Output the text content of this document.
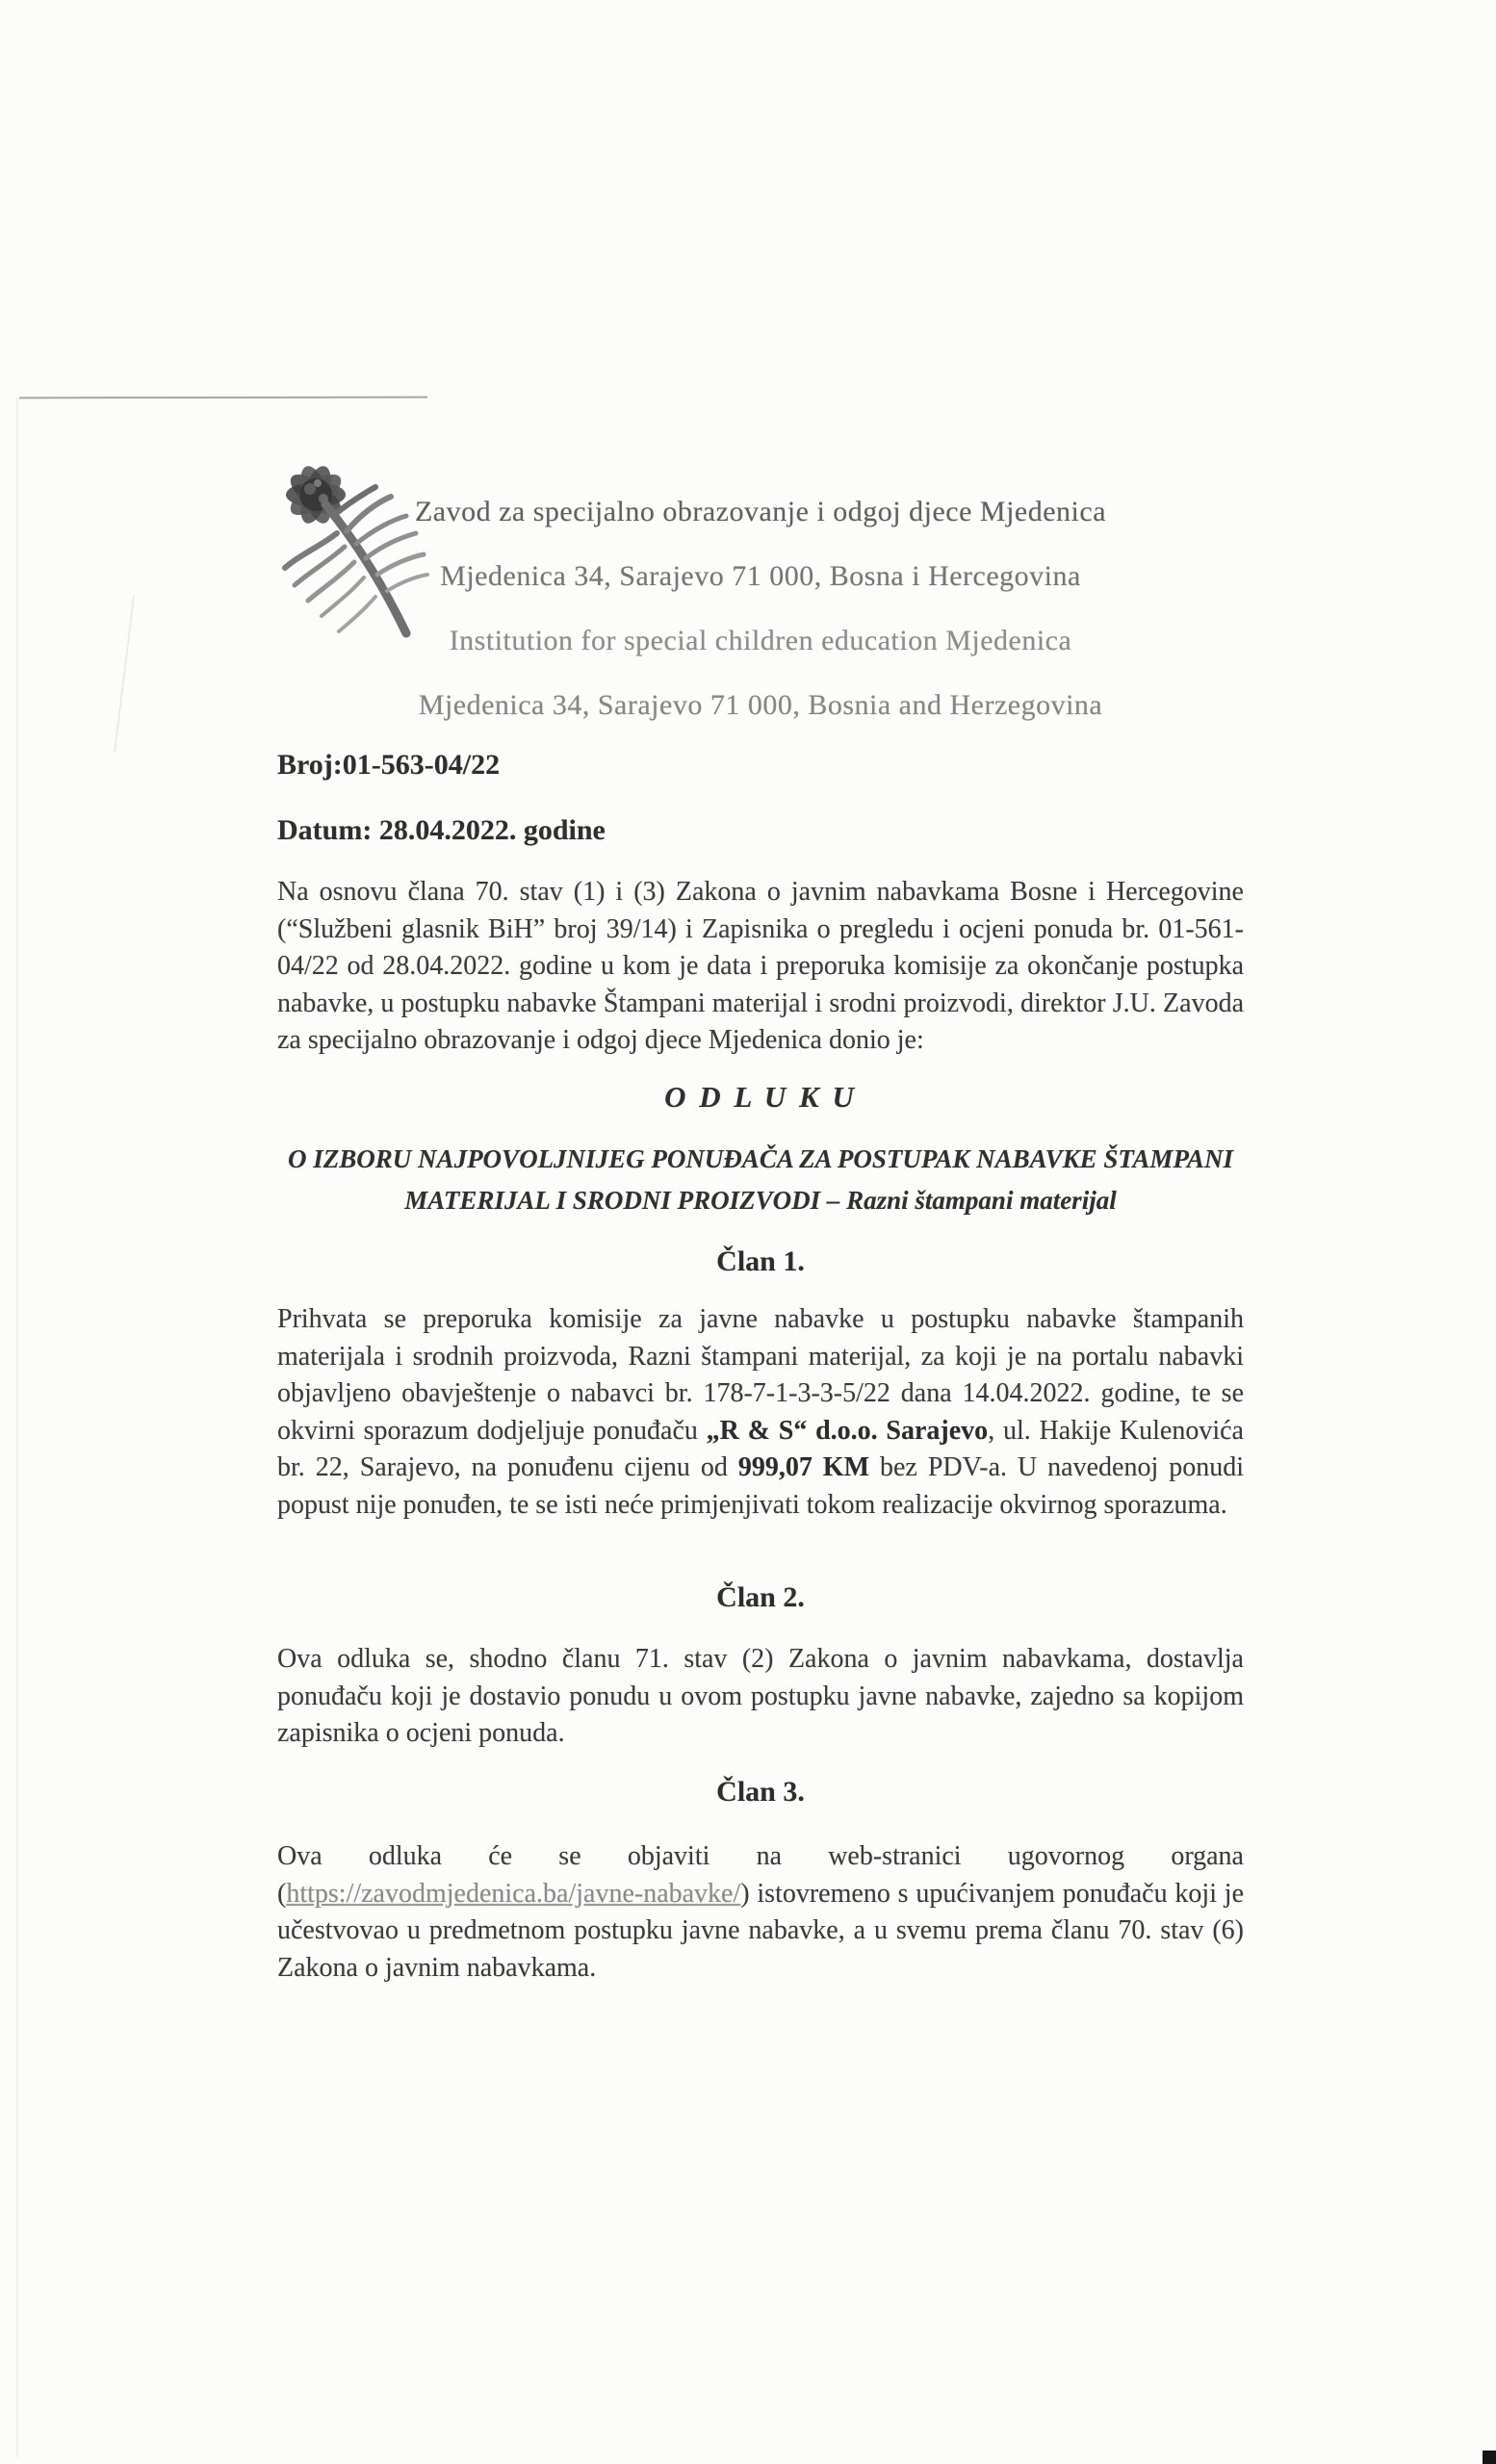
Zavod za specijalno obrazovanje i odgoj djece Mjedenica
Mjedenica 34, Sarajevo 71 000, Bosna i Hercegovina
Institution for special children education Mjedenica
Mjedenica 34, Sarajevo 71 000, Bosnia and Herzegovina
Broj:01-563-04/22
Datum: 28.04.2022. godine

Na osnovu člana 70. stav (1) i (3) Zakona o javnim nabavkama Bosne i Hercegovine (“Službeni glasnik BiH” broj 39/14) i Zapisnika o pregledu i ocjeni ponuda br. 01-561-04/22 od 28.04.2022. godine u kom je data i preporuka komisije za okončanje postupka nabavke, u postupku nabavke Štampani materijal i srodni proizvodi, direktor J.U. Zavoda za specijalno obrazovanje i odgoj djece Mjedenica donio je:

O D L U K U
O IZBORU NAJPOVOLJNIJEG PONUĐAČA ZA POSTUPAK NABAVKE ŠTAMPANI MATERIJAL I SRODNI PROIZVODI – Razni štampani materijal
Član 1.

Prihvata se preporuka komisije za javne nabavke u postupku nabavke štampanih materijala i srodnih proizvoda, Razni štampani materijal, za koji je na portalu nabavki objavljeno obavještenje o nabavci br. 178-7-1-3-3-5/22 dana 14.04.2022. godine, te se okvirni sporazum dodjeljuje ponuđaču „R & S“ d.o.o. Sarajevo, ul. Hakije Kulenovića br. 22, Sarajevo, na ponuđenu cijenu od 999,07 KM bez PDV-a. U navedenoj ponudi popust nije ponuđen, te se isti neće primjenjivati tokom realizacije okvirnog sporazuma.

Član 2.

Ova odluka se, shodno članu 71. stav (2) Zakona o javnim nabavkama, dostavlja ponuđaču koji je dostavio ponudu u ovom postupku javne nabavke, zajedno sa kopijom zapisnika o ocjeni ponuda.

Član 3.

Ova odluka će se objaviti na web-stranici ugovornog organa (https://zavodmjedenica.ba/javne-nabavke/) istovremeno s upućivanjem ponuđaču koji je učestvovao u predmetnom postupku javne nabavke, a u svemu prema članu 70. stav (6) Zakona o javnim nabavkama.
